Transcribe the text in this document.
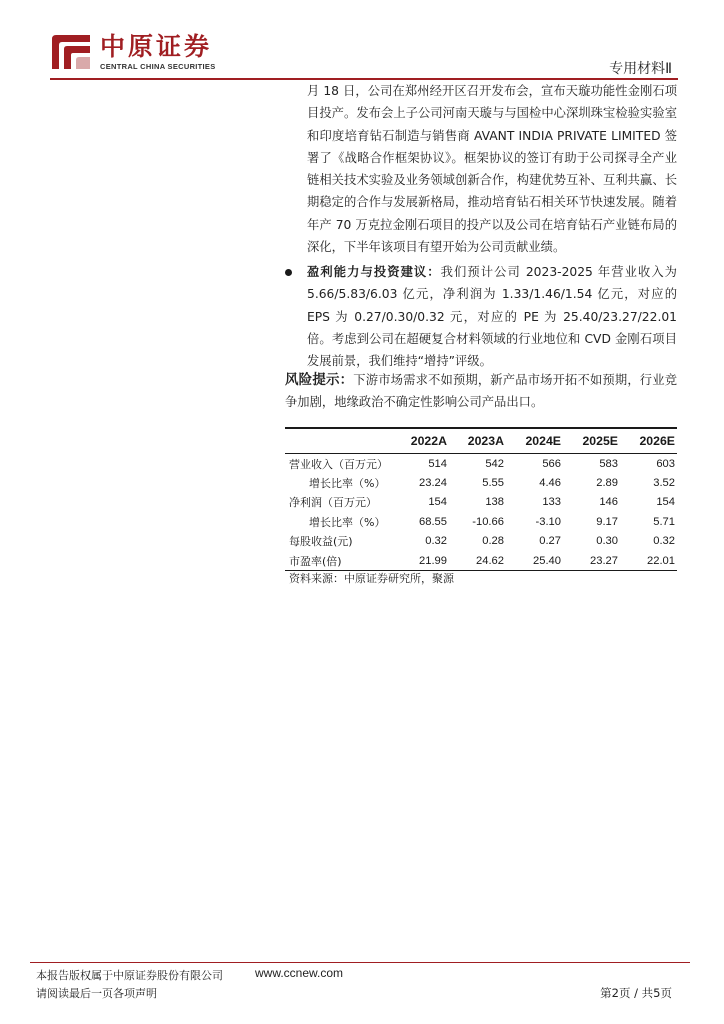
中原证券
CENTRAL CHINA SECURITIES	专用材料Ⅱ

月 18 日，公司在郑州经开区召开发布会，宣布天璇功能性金刚石项目投产。发布会上子公司河南天璇与与国检中心深圳珠宝检验实验室和印度培育钻石制造与销售商 AVANT INDIA PRIVATE LIMITED 签署了《战略合作框架协议》。框架协议的签订有助于公司探寻全产业链相关技术实验及业务领域创新合作，构建优势互补、互利共赢、长期稳定的合作与发展新格局，推动培育钻石相关环节快速发展。随着年产 70 万克拉金刚石项目的投产以及公司在培育钻石产业链布局的深化，下半年该项目有望开始为公司贡献业绩。

盈利能力与投资建议：我们预计公司 2023-2025 年营业收入为 5.66/5.83/6.03 亿元，净利润为 1.33/1.46/1.54 亿元，对应的 EPS 为 0.27/0.30/0.32 元，对应的 PE 为 25.40/23.27/22.01 倍。考虑到公司在超硬复合材料领域的行业地位和 CVD 金刚石项目发展前景，我们维持“增持”评级。

风险提示：下游市场需求不如预期，新产品市场开拓不如预期，行业竞争加剧，地缘政治不确定性影响公司产品出口。

	2022A	2023A	2024E	2025E	2026E
营业收入（百万元）	514	542	566	583	603
增长比率（%）	23.24	5.55	4.46	2.89	3.52
净利润（百万元）	154	138	133	146	154
增长比率（%）	68.55	-10.66	-3.10	9.17	5.71
每股收益(元)	0.32	0.28	0.27	0.30	0.32
市盈率(倍)	21.99	24.62	25.40	23.27	22.01
资料来源：中原证券研究所，聚源
本报告版权属于中原证券股份有限公司	www.ccnew.com
请阅读最后一页各项声明	第2页 / 共5页
